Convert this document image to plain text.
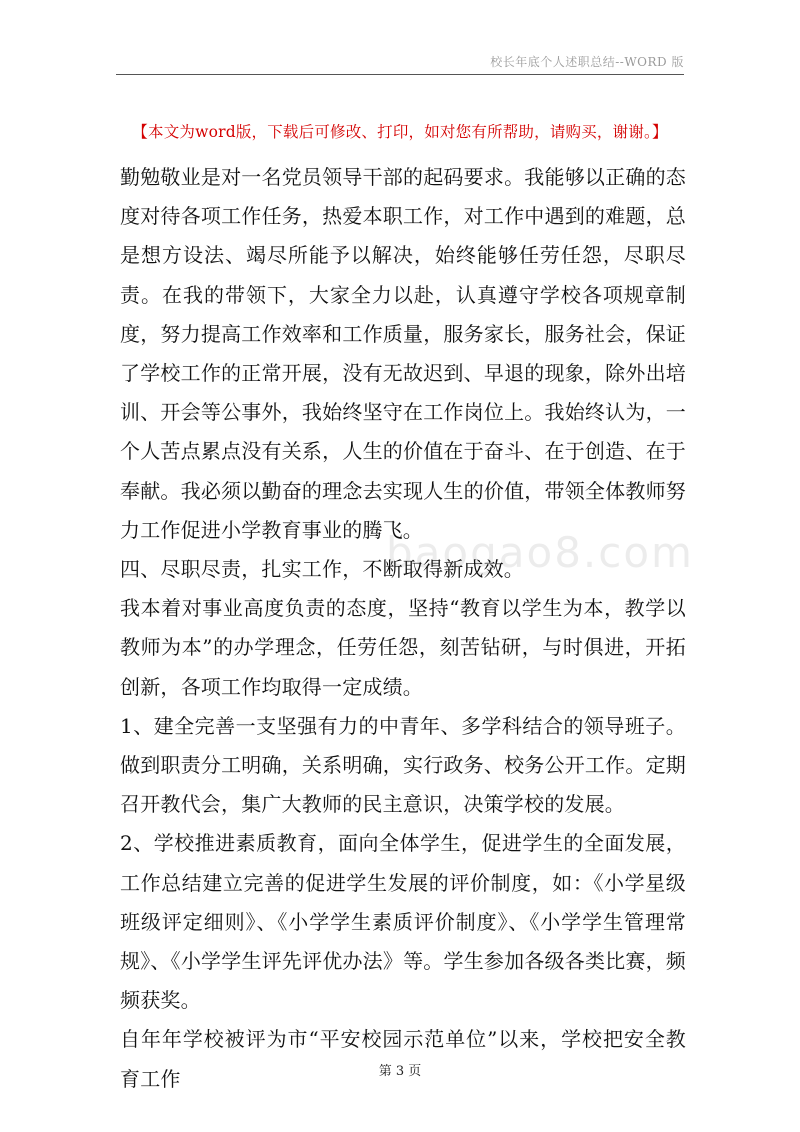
校长年底个人述职总结--WORD 版
【本文为word版，下载后可修改、打印，如对您有所帮助，请购买，谢谢。】
baogao8.com

勤勉敬业是对一名党员领导干部的起码要求。我能够以正确的态度对待各项工作任务，热爱本职工作，对工作中遇到的难题，总是想方设法、竭尽所能予以解决，始终能够任劳任怨，尽职尽责。在我的带领下，大家全力以赴，认真遵守学校各项规章制度，努力提高工作效率和工作质量，服务家长，服务社会，保证了学校工作的正常开展，没有无故迟到、早退的现象，除外出培训、开会等公事外，我始终坚守在工作岗位上。我始终认为，一个人苦点累点没有关系，人生的价值在于奋斗、在于创造、在于奉献。我必须以勤奋的理念去实现人生的价值，带领全体教师努力工作促进小学教育事业的腾飞。

四、尽职尽责，扎实工作，不断取得新成效。

我本着对事业高度负责的态度，坚持“教育以学生为本，教学以教师为本”的办学理念，任劳任怨，刻苦钻研，与时俱进，开拓创新，各项工作均取得一定成绩。

1、建全完善一支坚强有力的中青年、多学科结合的领导班子。做到职责分工明确，关系明确，实行政务、校务公开工作。定期召开教代会，集广大教师的民主意识，决策学校的发展。

2、学校推进素质教育，面向全体学生，促进学生的全面发展，工作总结建立完善的促进学生发展的评价制度，如：《小学星级班级评定细则》、《小学学生素质评价制度》、《小学学生管理常规》、《小学学生评先评优办法》等。学生参加各级各类比赛，频频获奖。

自年年学校被评为市“平安校园示范单位”以来，学校把安全教育工作	第 3 页
